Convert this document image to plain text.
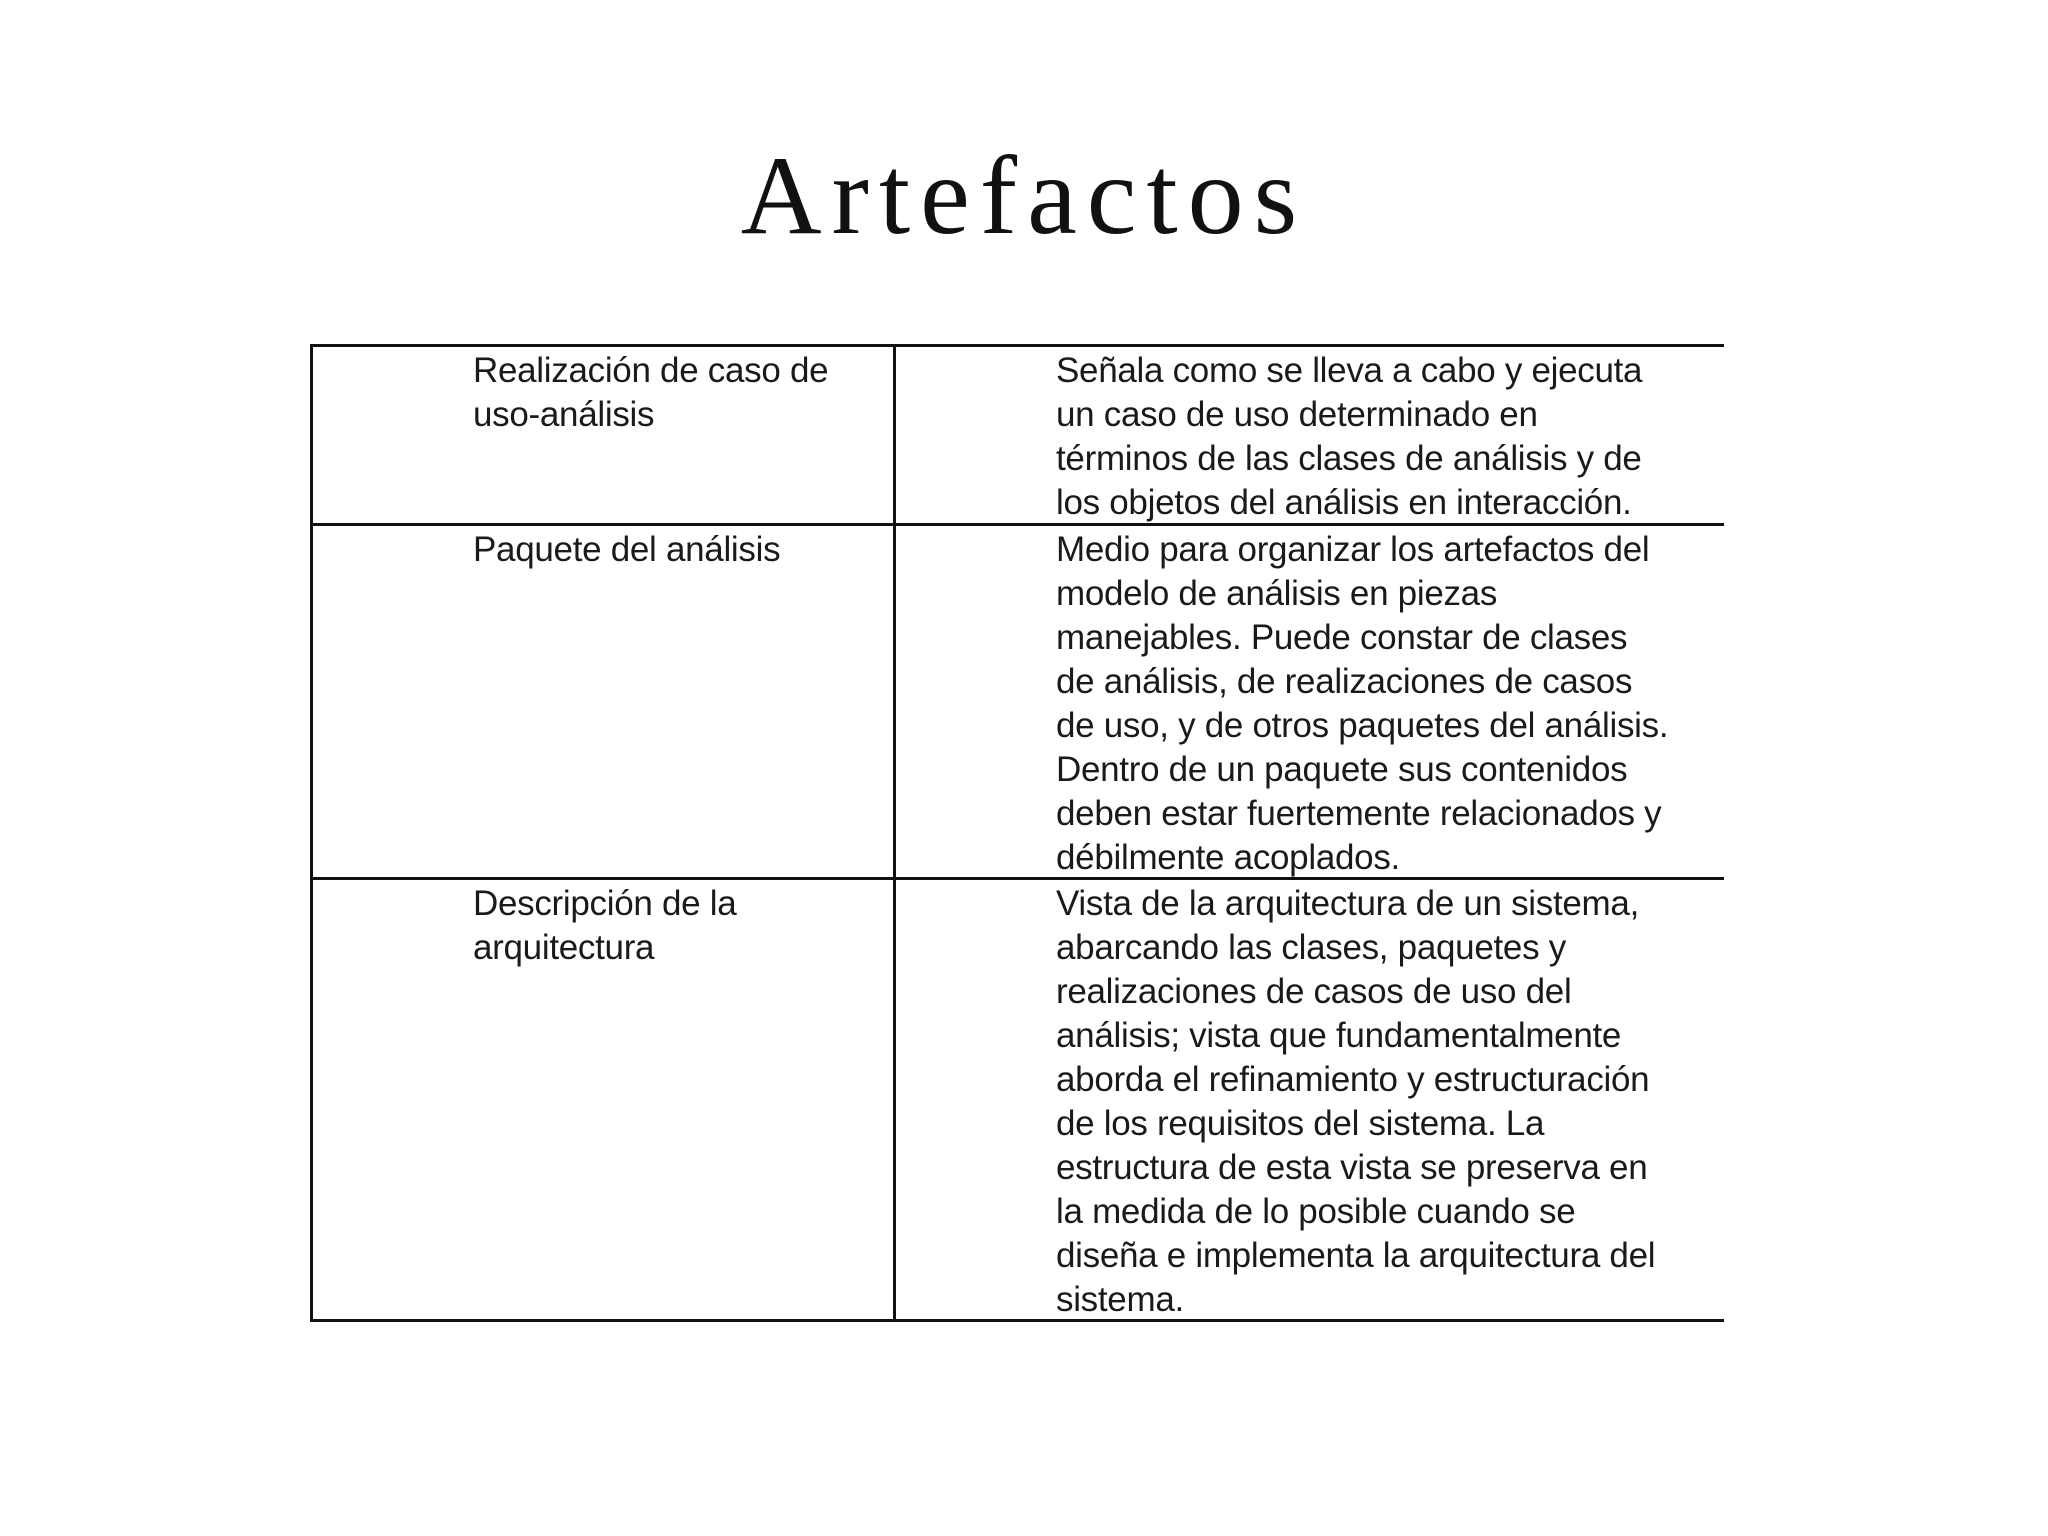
Artefactos
Realización de caso de
uso-análisis
Señala como se lleva a cabo y ejecuta
un caso de uso determinado en
términos de las clases de análisis y de
los objetos del análisis en interacción.
Paquete del análisis	Medio para organizar los artefactos del
modelo de análisis en piezas
manejables. Puede constar de clases
de análisis, de realizaciones de casos
de uso, y de otros paquetes del análisis.
Dentro de un paquete sus contenidos
deben estar fuertemente relacionados y
débilmente acoplados.
Descripción de la
arquitectura
Vista de la arquitectura de un sistema,
abarcando las clases, paquetes y
realizaciones de casos de uso del
análisis; vista que fundamentalmente
aborda el refinamiento y estructuración
de los requisitos del sistema. La
estructura de esta vista se preserva en
la medida de lo posible cuando se
diseña e implementa la arquitectura del
sistema.
